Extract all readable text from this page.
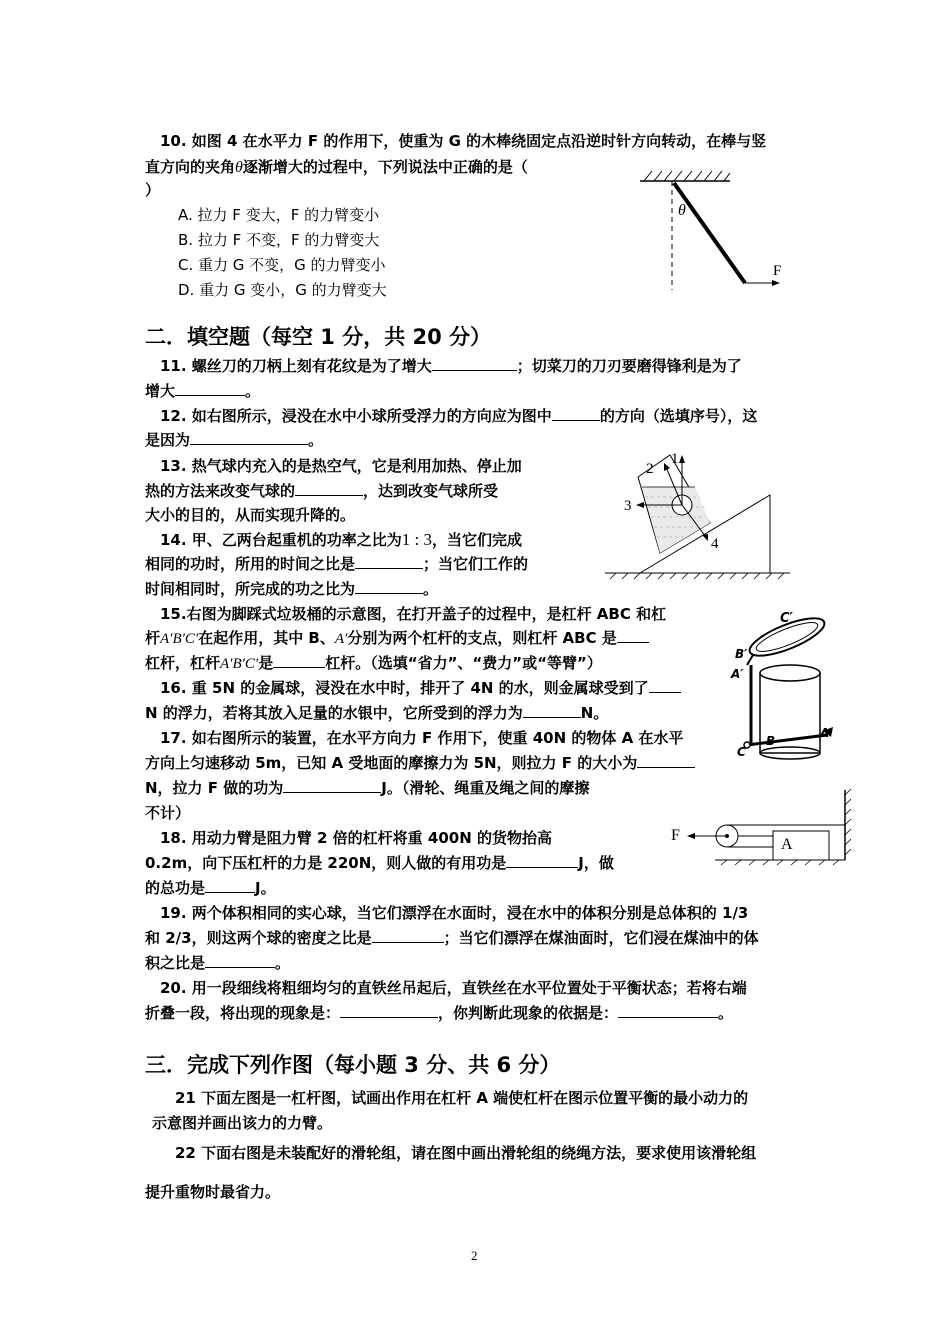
10. 如图 4 在水平力 F 的作用下，使重为 G 的木棒绕固定点沿逆时针方向转动，在棒与竖
直方向的夹角θ逐渐增大的过程中，下列说法中正确的是（
）
A. 拉力 F 变大，F 的力臂变小
B. 拉力 F 不变，F 的力臂变大
C. 重力 G 不变，G 的力臂变小
D. 重力 G 变小，G 的力臂变大
θ
F
二．填空题（每空 1 分，共 20 分）
11. 螺丝刀的刀柄上刻有花纹是为了增大	；切菜刀的刀刃要磨得锋利是为了
增大	。
12. 如右图所示，浸没在水中小球所受浮力的方向应为图中	的方向（选填序号），这
是因为	。
1
2
3
4
13. 热气球内充入的是热空气，它是利用加热、停止加
热的方法来改变气球的	，达到改变气球所受
大小的目的，从而实现升降的。
14. 甲、乙两台起重机的功率之比为1 : 3，当它们完成
相同的功时，所用的时间之比是	；当它们工作的
时间相同时，所完成的功之比为	。
15.右图为脚踩式垃圾桶的示意图，在打开盖子的过程中，是杠杆 ABC 和杠
杆A′B′C′在起作用，其中 B、A′分别为两个杠杆的支点，则杠杆 ABC 是
杠杆，杠杆A′B′C′是	杠杆。（选填“省力”、“费力”或“等臂”）
C′
B′
A′
C
B
A
16. 重 5N 的金属球，浸没在水中时，排开了 4N 的水，则金属球受到了
N 的浮力，若将其放入足量的水银中，它所受到的浮力为	N。
17. 如右图所示的装置，在水平方向力 F 作用下，使重 40N 的物体 A 在水平
方向上匀速移动 5m，已知 A 受地面的摩擦力为 5N，则拉力 F 的大小为
N，拉力 F 做的功为	J。（滑轮、绳重及绳之间的摩擦
不计）
F
A
18. 用动力臂是阻力臂 2 倍的杠杆将重 400N 的货物抬高
0.2m，向下压杠杆的力是 220N，则人做的有用功是	J，做
的总功是	J。
19. 两个体积相同的实心球，当它们漂浮在水面时，浸在水中的体积分别是总体积的 1/3
和 2/3，则这两个球的密度之比是	；当它们漂浮在煤油面时，它们浸在煤油中的体
积之比是	。
20. 用一段细线将粗细均匀的直铁丝吊起后，直铁丝在水平位置处于平衡状态；若将右端
折叠一段，将出现的现象是：	，你判断此现象的依据是：	。
三．完成下列作图（每小题 3 分、共 6 分）
21 下面左图是一杠杆图，试画出作用在杠杆 A 端使杠杆在图示位置平衡的最小动力的
示意图并画出该力的力臂。
22 下面右图是未装配好的滑轮组，请在图中画出滑轮组的绕绳方法，要求使用该滑轮组
提升重物时最省力。
2
